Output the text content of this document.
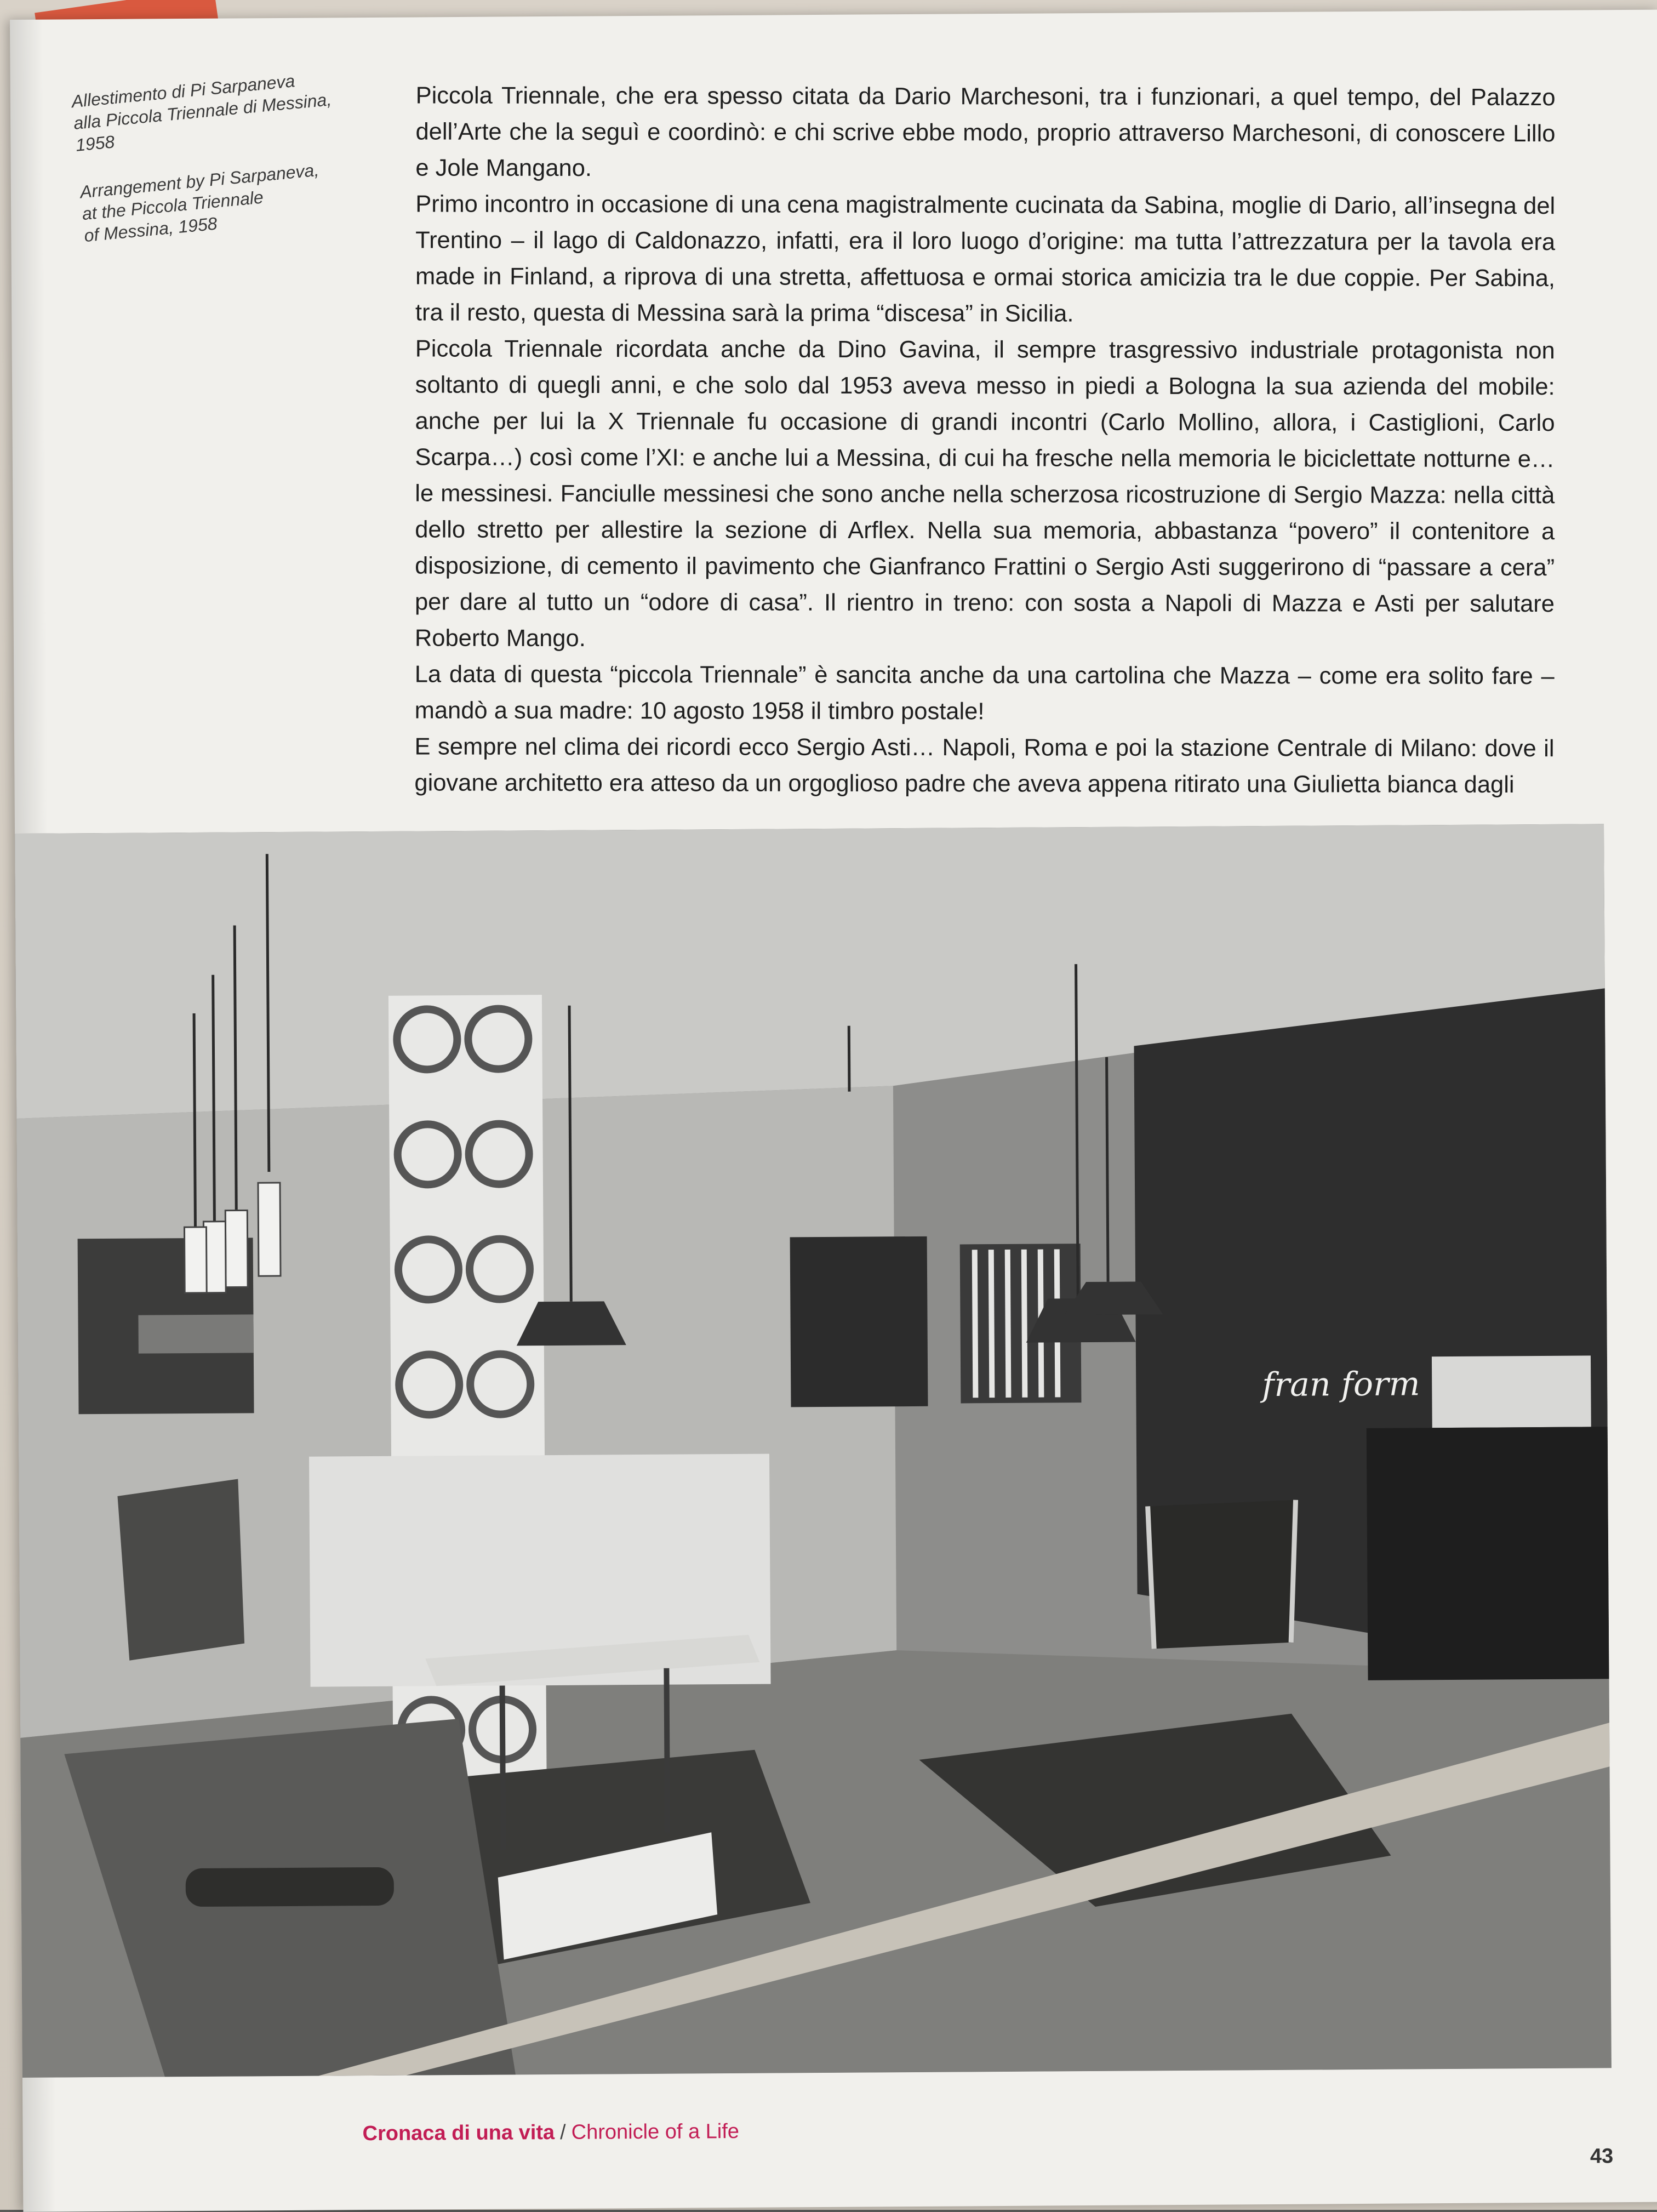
Allestimento di Pi Sarpaneva
alla Piccola Triennale di Messina,
1958

Arrangement by Pi Sarpaneva,
at the Piccola Triennale
of Messina, 1958

Piccola Triennale, che era spesso citata da Dario Marchesoni, tra i funzionari, a quel tempo, del Palazzo dell’Arte che la seguì e coordinò: e chi scrive ebbe modo, proprio attraverso Marchesoni, di conoscere Lillo e Jole Mangano.

Primo incontro in occasione di una cena magistralmente cucinata da Sabina, moglie di Dario, all’insegna del Trentino – il lago di Caldonazzo, infatti, era il loro luogo d’origine: ma tutta l’attrezzatura per la tavola era made in Finland, a riprova di una stretta, affettuosa e ormai storica amicizia tra le due coppie. Per Sabina, tra il resto, questa di Messina sarà la prima “discesa” in Sicilia.

Piccola Triennale ricordata anche da Dino Gavina, il sempre trasgressivo industriale protagonista non soltanto di quegli anni, e che solo dal 1953 aveva messo in piedi a Bologna la sua azienda del mobile: anche per lui la X Triennale fu occasione di grandi incontri (Carlo Mollino, allora, i Castiglioni, Carlo Scarpa…) così come l’XI: e anche lui a Messina, di cui ha fresche nella memoria le biciclettate notturne e… le messinesi. Fanciulle messinesi che sono anche nella scherzosa ricostruzione di Sergio Mazza: nella città dello stretto per allestire la sezione di Arflex. Nella sua memoria, abbastanza “povero” il contenitore a disposizione, di cemento il pavimento che Gianfranco Frattini o Sergio Asti suggerirono di “passare a cera” per dare al tutto un “odore di casa”. Il rientro in treno: con sosta a Napoli di Mazza e Asti per salutare Roberto Mango.

La data di questa “piccola Triennale” è sancita anche da una cartolina che Mazza – come era solito fare – mandò a sua madre: 10 agosto 1958 il timbro postale!

E sempre nel clima dei ricordi ecco Sergio Asti… Napoli, Roma e poi la stazione Centrale di Milano: dove il giovane architetto era atteso da un orgoglioso padre che aveva appena ritirato una Giulietta bianca dagli

fran form
Cronaca di una vita / Chronicle of a Life
43
